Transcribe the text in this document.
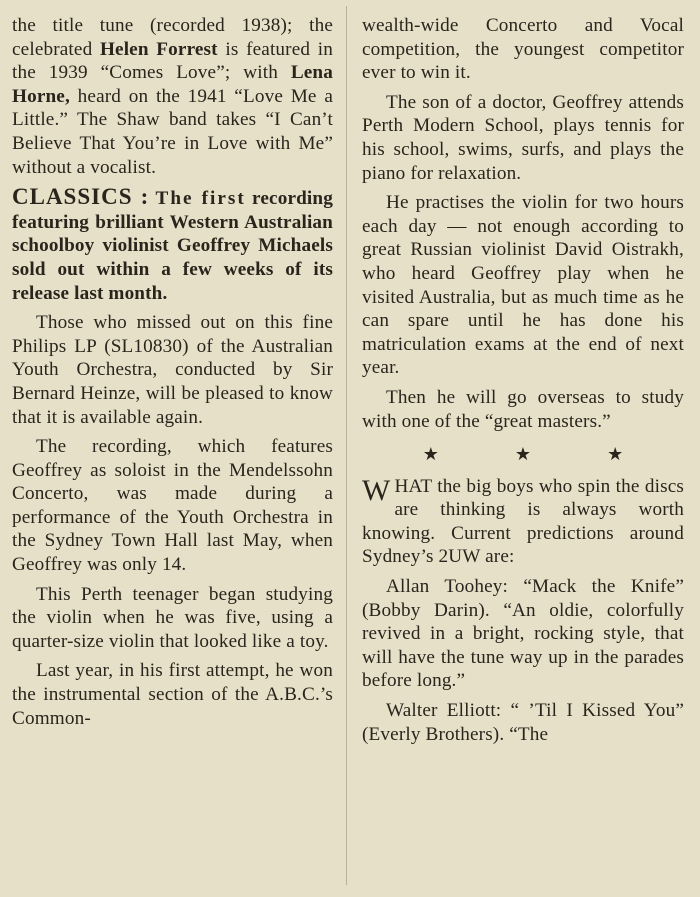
the title tune (recorded 1938); the celebrated Helen Forrest is featured in the 1939 “Comes Love”; with Lena Horne, heard on the 1941 “Love Me a Little.” The Shaw band takes “I Can’t Believe That You’re in Love with Me” without a vocalist.

CLASSICS : The first recording featuring brilliant Western Australian schoolboy violinist Geoffrey Michaels sold out within a few weeks of its release last month.

Those who missed out on this fine Philips LP (SL10830) of the Australian Youth Orchestra, conducted by Sir Bernard Heinze, will be pleased to know that it is available again.

The recording, which features Geoffrey as soloist in the Mendelssohn Concerto, was made during a performance of the Youth Orchestra in the Sydney Town Hall last May, when Geoffrey was only 14.

This Perth teenager began studying the violin when he was five, using a quarter-size violin that looked like a toy.

Last year, in his first attempt, he won the instrumental section of the A.B.C.’s Common-

wealth-wide Concerto and Vocal competition, the youngest competitor ever to win it.

The son of a doctor, Geoffrey attends Perth Modern School, plays tennis for his school, swims, surfs, and plays the piano for relaxation.

He practises the violin for two hours each day — not enough according to great Russian violinist David Oistrakh, who heard Geoffrey play when he visited Australia, but as much time as he can spare until he has done his matriculation exams at the end of next year.

Then he will go overseas to study with one of the “great masters.”

★	★	★

WHAT the big boys who spin the discs are thinking is always worth knowing. Current predictions around Sydney’s 2UW are:

Allan Toohey: “Mack the Knife” (Bobby Darin). “An oldie, colorfully revived in a bright, rocking style, that will have the tune way up in the parades before long.”

Walter Elliott: “ ’Til I Kissed You” (Everly Brothers). “The
